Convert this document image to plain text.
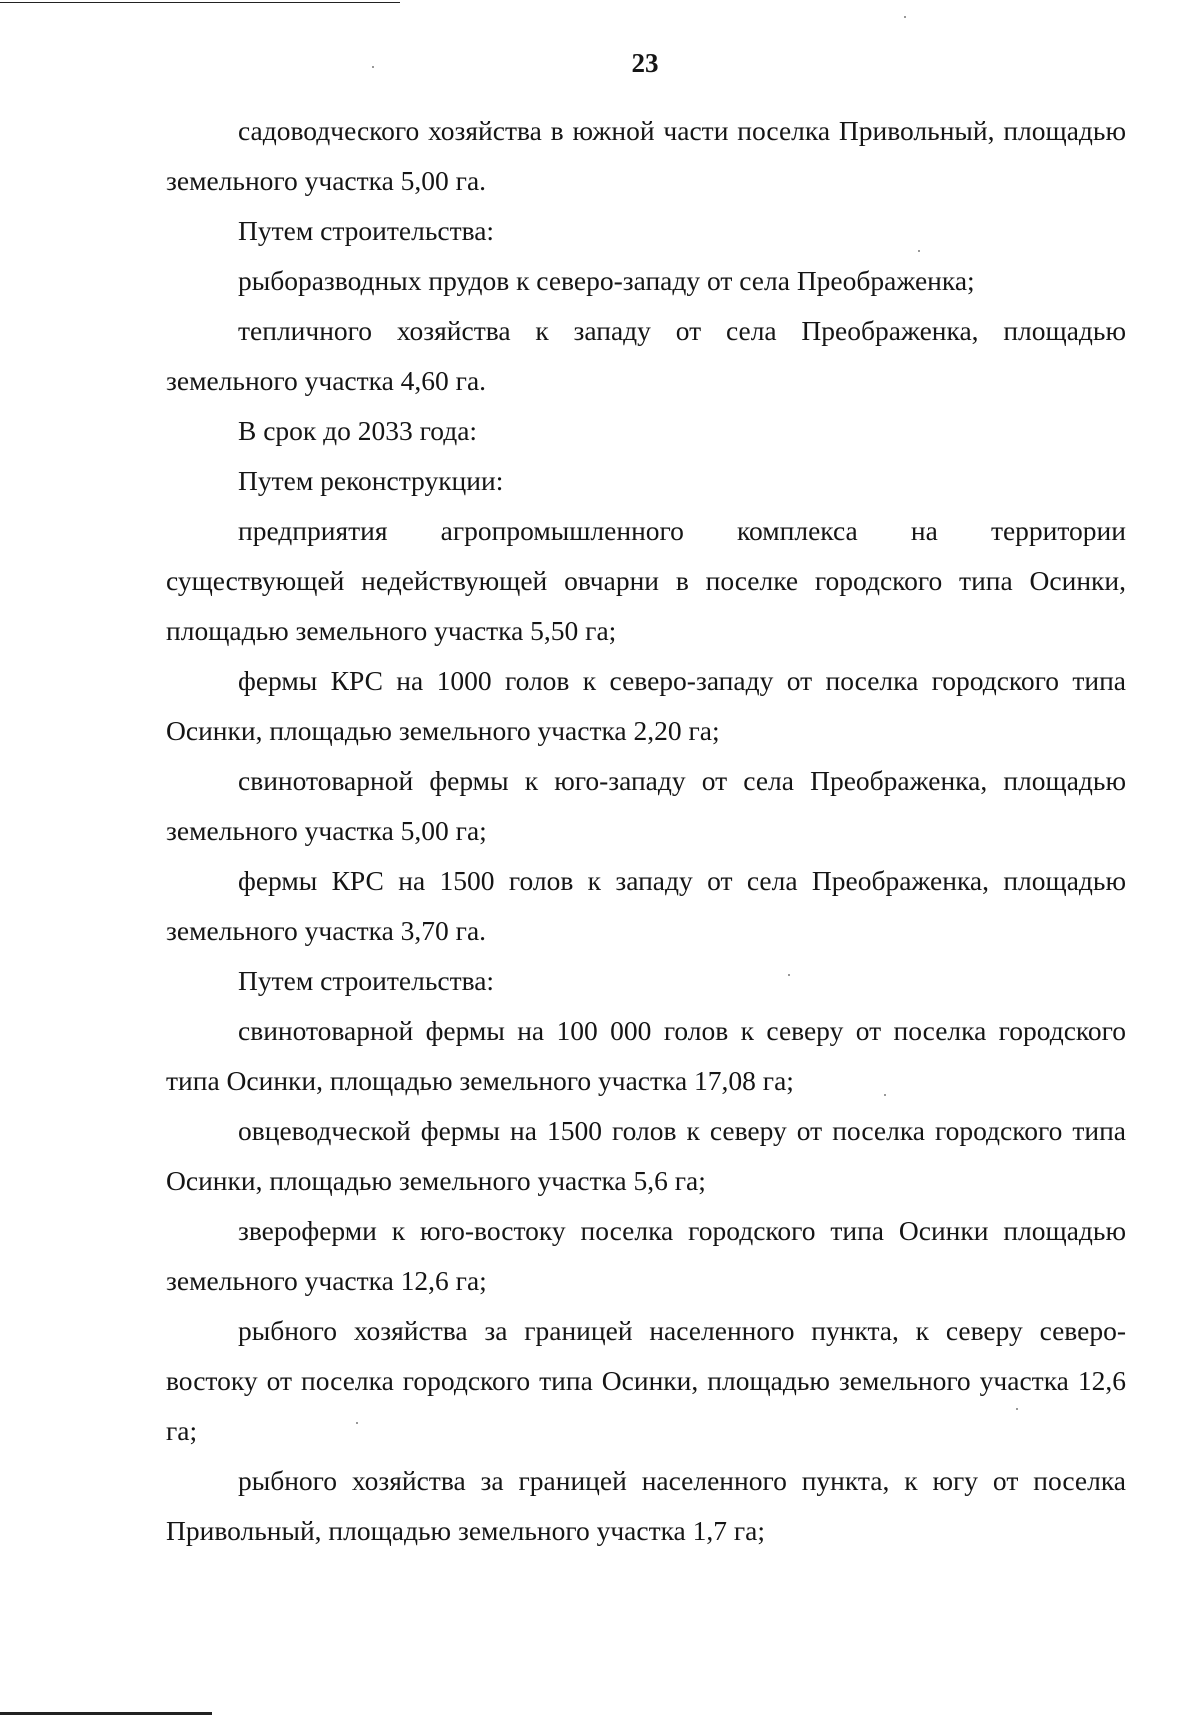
23

садоводческого хозяйства в южной части поселка Привольный, площадью земельного участка 5,00 га.

Путем строительства:

рыборазводных прудов к северо-западу от села Преображенка;

тепличного хозяйства к западу от села Преображенка, площадью земельного участка 4,60 га.

В срок до 2033 года:

Путем реконструкции:

предприятия агропромышленного комплекса на территории существующей недействующей овчарни в поселке городского типа Осинки, площадью земельного участка 5,50 га;

фермы КРС на 1000 голов к северо-западу от поселка городского типа Осинки, площадью земельного участка 2,20 га;

свинотоварной фермы к юго-западу от села Преображенка, площадью земельного участка 5,00 га;

фермы КРС на 1500 голов к западу от села Преображенка, площадью земельного участка 3,70 га.

Путем строительства:

свинотоварной фермы на 100 000 голов к северу от поселка городского типа Осинки, площадью земельного участка 17,08 га;

овцеводческой фермы на 1500 голов к северу от поселка городского типа Осинки, площадью земельного участка 5,6 га;

звероферми к юго-востоку поселка городского типа Осинки площадью земельного участка 12,6 га;

рыбного хозяйства за границей населенного пункта, к северу северо-востоку от поселка городского типа Осинки, площадью земельного участка 12,6 га;

рыбного хозяйства за границей населенного пункта, к югу от поселка Привольный, площадью земельного участка 1,7 га;
